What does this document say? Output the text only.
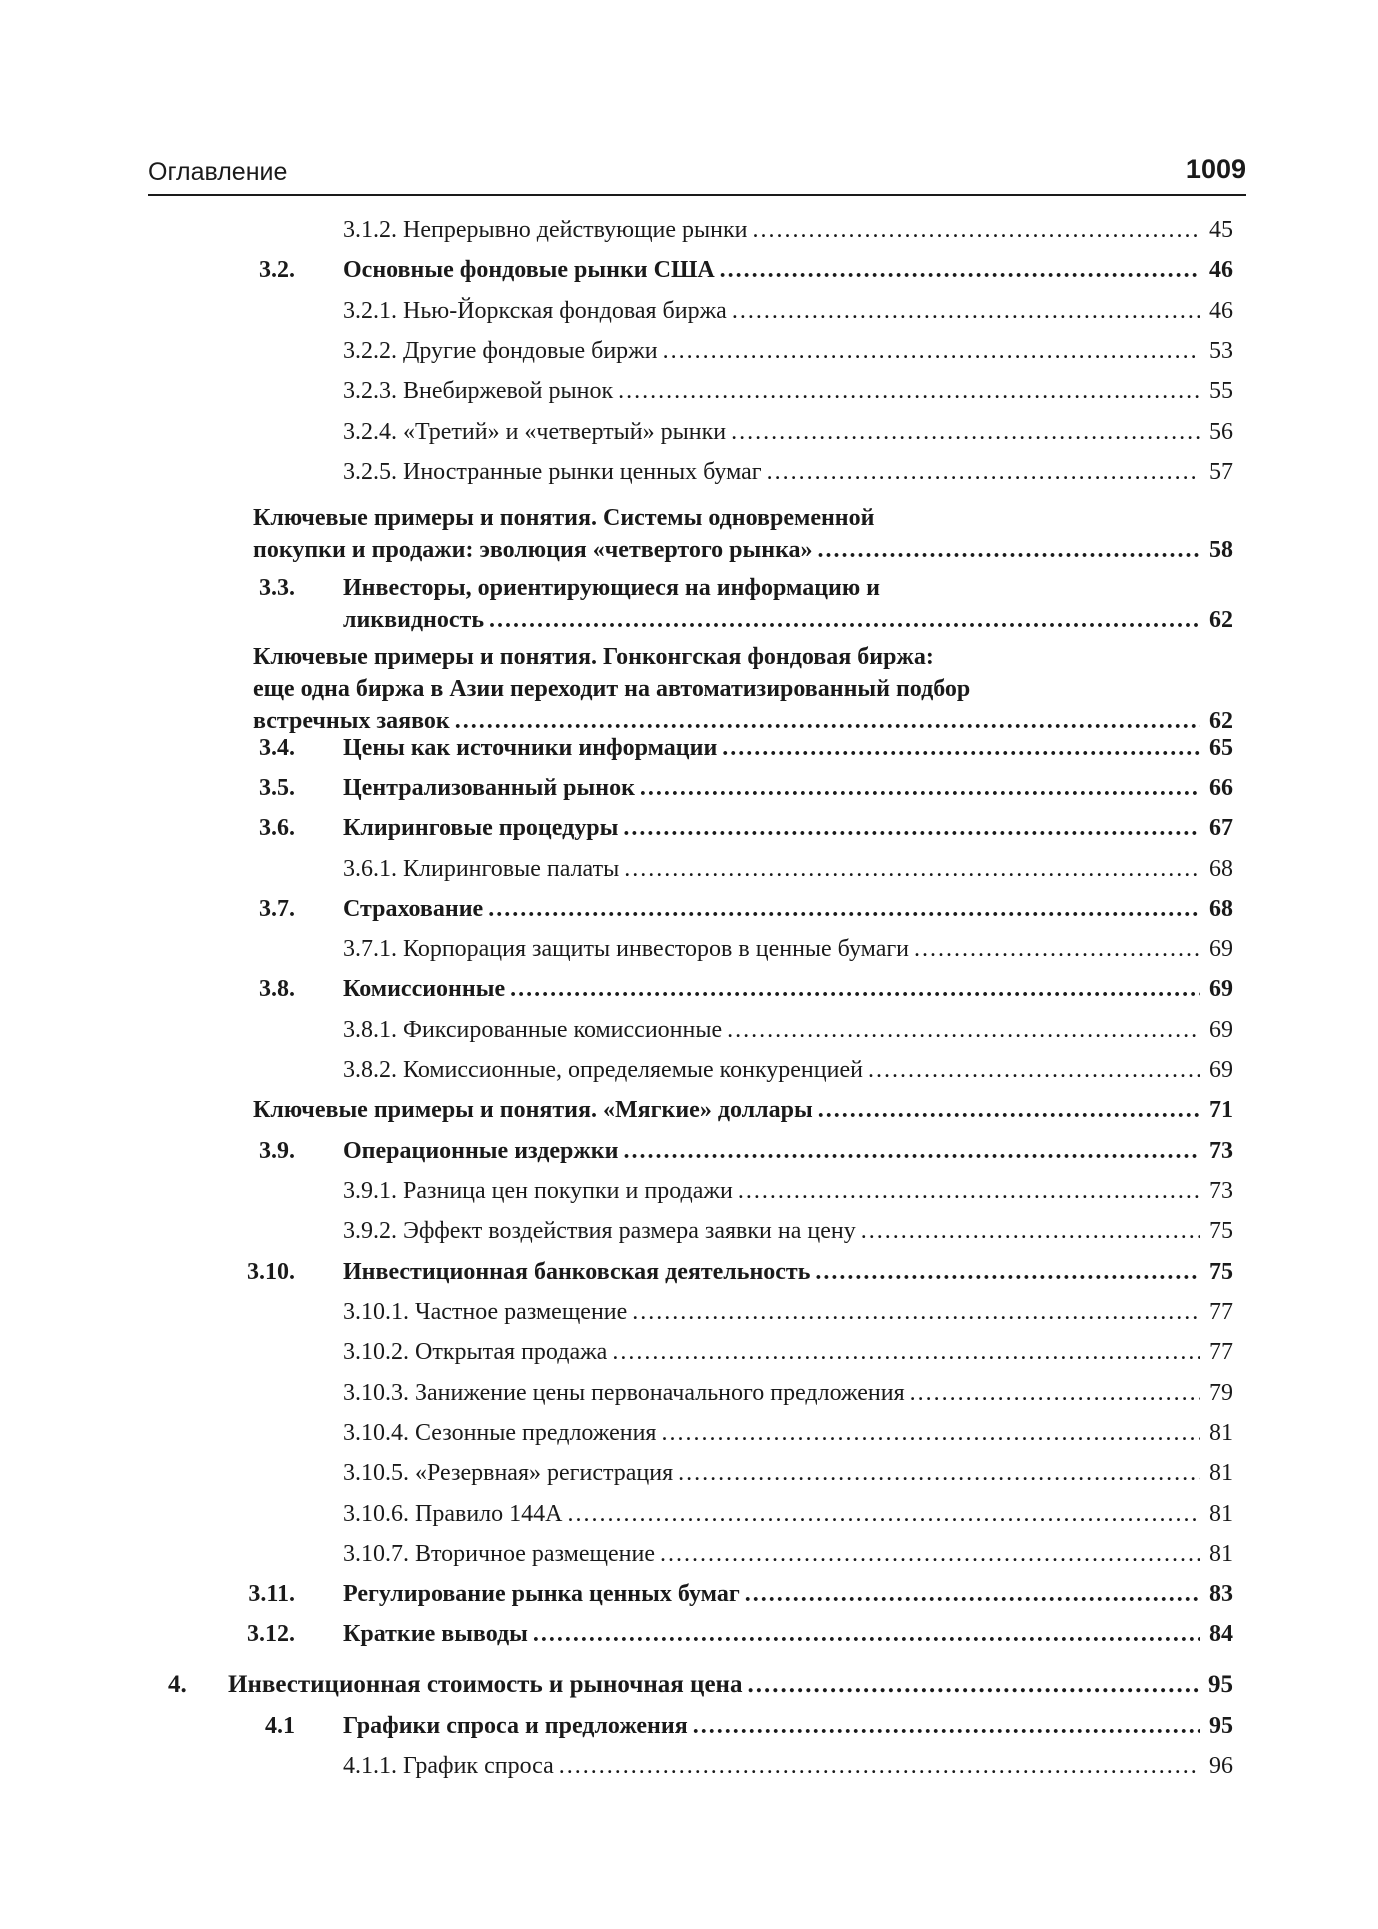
Оглавление	1009
3.1.2. Непрерывно действующие рынки .....	45
3.2. Основные фондовые рынки США .....	46
3.2.1. Нью-Йоркская фондовая биржа .....	46
3.2.2. Другие фондовые биржи .....	53
3.2.3. Внебиржевой рынок .....	55
3.2.4. «Третий» и «четвертый» рынки .....	56
3.2.5. Иностранные рынки ценных бумаг .....	57
Ключевые примеры и понятия. Системы одновременной
покупки и продажи: эволюция «четвертого рынка» .....	58
3.3. Инвесторы, ориентирующиеся на информацию и
ликвидность .....	62
Ключевые примеры и понятия. Гонконгская фондовая биржа:
еще одна биржа в Азии переходит на автоматизированный подбор
встречных заявок .....	62
3.4. Цены как источники информации .....	65
3.5. Централизованный рынок .....	66
3.6. Клиринговые процедуры .....	67
3.6.1. Клиринговые палаты .....	68
3.7. Страхование .....	68
3.7.1. Корпорация защиты инвесторов в ценные бумаги .....	69
3.8. Комиссионные .....	69
3.8.1. Фиксированные комиссионные .....	69
3.8.2. Комиссионные, определяемые конкуренцией .....	69
Ключевые примеры и понятия. «Мягкие» доллары .....	71
3.9. Операционные издержки .....	73
3.9.1. Разница цен покупки и продажи .....	73
3.9.2. Эффект воздействия размера заявки на цену .....	75
3.10. Инвестиционная банковская деятельность .....	75
3.10.1. Частное размещение .....	77
3.10.2. Открытая продажа .....	77
3.10.3. Занижение цены первоначального предложения .....	79
3.10.4. Сезонные предложения .....	81
3.10.5. «Резервная» регистрация .....	81
3.10.6. Правило 144А .....	81
3.10.7. Вторичное размещение .....	81
3.11. Регулирование рынка ценных бумаг .....	83
3.12. Краткие выводы .....	84
4. Инвестиционная стоимость и рыночная цена .....	95
4.1 Графики спроса и предложения .....	95
4.1.1. График спроса .....	96
